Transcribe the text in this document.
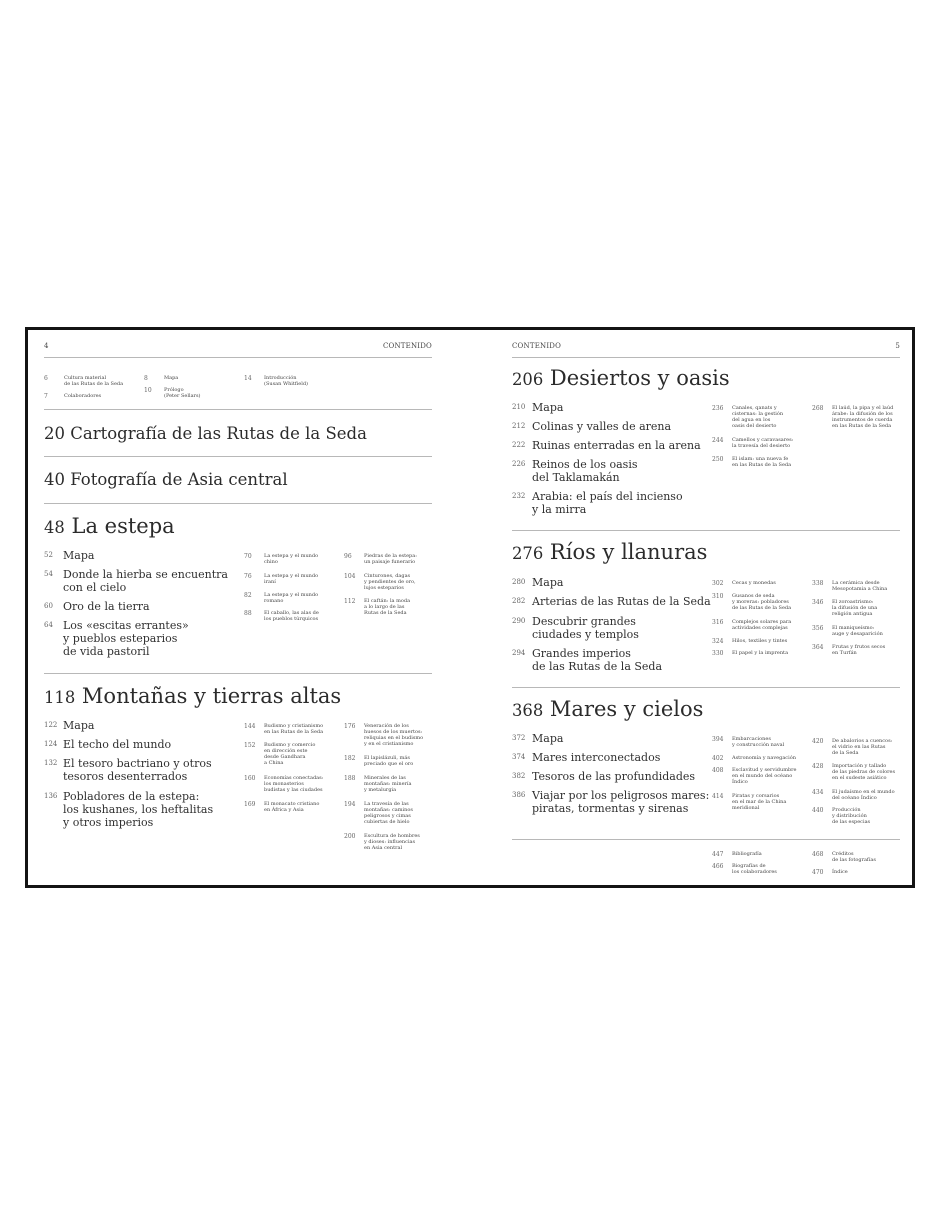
4	CONTENIDO
6	Cultura material
de las Rutas de la Seda
7	Colaboradores
8	Mapa
10	Prólogo
(Peter Sellars)
14	Introducción
(Susan Whitfield)
20 Cartografía de las Rutas de la Seda
40 Fotografía de Asia central
48 La estepa
52 Mapa
54 Donde la hierba se encuentra
con el cielo
60 Oro de la tierra
64 Los «escitas errantes»
y pueblos esteparios
de vida pastoril
70	La estepa y el mundo
chino
76	La estepa y el mundo
iraní
82	La estepa y el mundo
romano
88	El caballo, las alas de
los pueblos túrquicos
96	Piedras de la estepa:
un paisaje funerario
104	Cinturones, dagas
y pendientes de oro,
lujos esteparios
112	El caftán: la moda
a lo largo de las
Rutas de la Seda
118 Montañas y tierras altas
122 Mapa
124 El techo del mundo
132 El tesoro bactriano y otros
tesoros desenterrados
136 Pobladores de la estepa:
los kushanes, los heftalitas
y otros imperios
144	Budismo y cristianismo
en las Rutas de la Seda
152	Budismo y comercio
en dirección este
desde Gandhara
a China
160	Economías conectadas:
los monasterios
budistas y las ciudades
169	El monacato cristiano
en África y Asia
176	Veneración de los
huesos de los muertos:
reliquias en el budismo
y en el cristianismo
182	El lapislázuli, más
preciado que el oro
188	Minerales de las
montañas: minería
y metalurgia
194	La travesía de las
montañas: caminos
peligrosos y cimas
cubiertas de hielo
200	Escultura de hombres
y dioses: influencias
en Asia central
CONTENIDO	5
206 Desiertos y oasis
210 Mapa
212 Colinas y valles de arena
222 Ruinas enterradas en la arena
226 Reinos de los oasis
del Taklamakán
232 Arabia: el país del incienso
y la mirra
236	Canales, qanats y
cisternas: la gestión
del agua en los
oasis del desierto
244	Camellos y caravasares:
la travesía del desierto
250	El islam: una nueva fe
en las Rutas de la Seda
268	El laúd, la pipa y el laúd
árabe: la difusión de los
instrumentos de cuerda
en las Rutas de la Seda
276 Ríos y llanuras
280 Mapa
282 Arterias de las Rutas de la Seda
290 Descubrir grandes
ciudades y templos
294 Grandes imperios
de las Rutas de la Seda
302	Cecas y monedas
310	Gusanos de seda
y moreras: pobladores
de las Rutas de la Seda
316	Complejos solares para
actividades complejas
324	Hilos, textiles y tintes
330	El papel y la imprenta
338	La cerámica desde
Mesopotamia a China
346	El zoroastrismo:
la difusión de una
religión antigua
356	El maniqueísmo:
auge y desaparición
364	Frutas y frutos secos
en Turfán
368 Mares y cielos
372 Mapa
374 Mares interconectados
382 Tesoros de las profundidades
386 Viajar por los peligrosos mares:
piratas, tormentas y sirenas
394	Embarcaciones
y construcción naval
402	Astronomía y navegación
408	Esclavitud y servidumbre
en el mundo del océano
Índico
414	Piratas y corsarios
en el mar de la China
meridional
420	De abalorios a cuencos:
el vidrio en las Rutas
de la Seda
428	Importación y tallado
de las piedras de colores
en el sudeste asiático
434	El judaísmo en el mundo
del océano Índico
440	Producción
y distribución
de las especias
447	Bibliografía
466	Biografías de
los colaboradores
468	Créditos
de las fotografías
470	Índice
